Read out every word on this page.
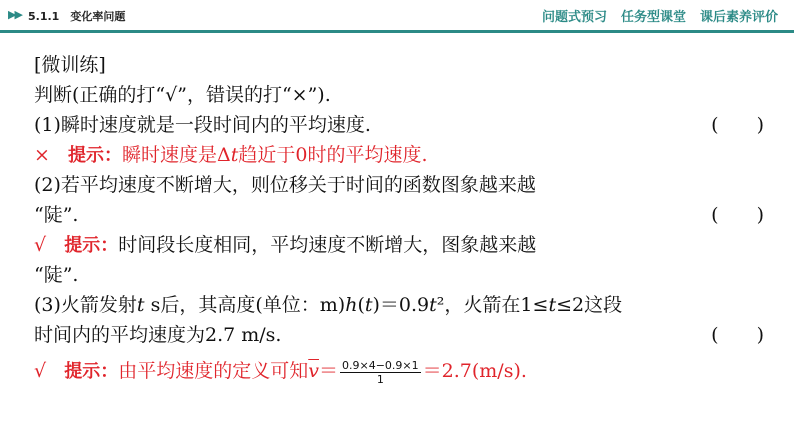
▶▶ 5.1.1　变化率问题	问题式预习 任务型课堂 课后素养评价
[微训练]
判断(正确的打“√”，错误的打“×”).
(1)瞬时速度就是一段时间内的平均速度.	(　　)
× 提示：瞬时速度是Δt趋近于0时的平均速度.
(2)若平均速度不断增大，则位移关于时间的函数图象越来越
“陡”.	(　　)
√ 提示：时间段长度相同，平均速度不断增大，图象越来越
“陡”.
(3)火箭发射t s后，其高度(单位：m)h(t)＝0.9t²，火箭在1≤t≤2这段
时间内的平均速度为2.7 m/s.	(　　)
√ 提示：由平均速度的定义可知$\overline{v}= \frac{0.9\times 4-0.9\times 1}{1} =2.7(m/s)$.
